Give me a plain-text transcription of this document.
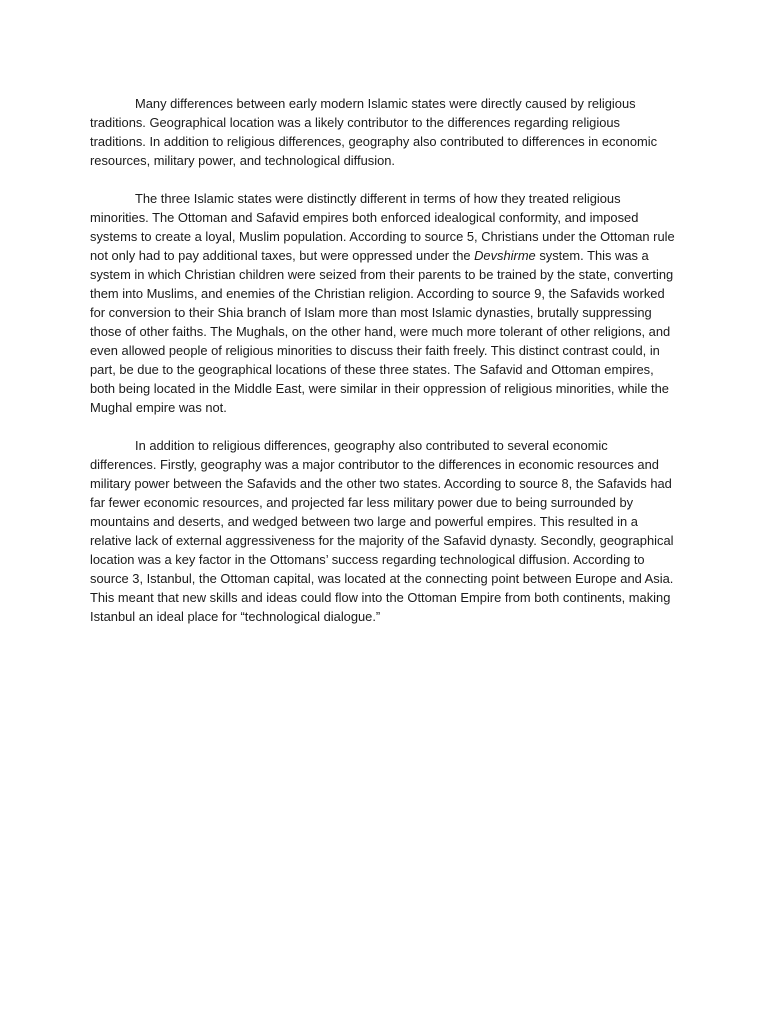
Many differences between early modern Islamic states were directly caused by religious traditions. Geographical location was a likely contributor to the differences regarding religious traditions. In addition to religious differences, geography also contributed to differences in economic resources, military power, and technological diffusion.

The three Islamic states were distinctly different in terms of how they treated religious minorities. The Ottoman and Safavid empires both enforced idealogical conformity, and imposed systems to create a loyal, Muslim population. According to source 5, Christians under the Ottoman rule not only had to pay additional taxes, but were oppressed under the Devshirme system. This was a system in which Christian children were seized from their parents to be trained by the state, converting them into Muslims, and enemies of the Christian religion. According to source 9, the Safavids worked for conversion to their Shia branch of Islam more than most Islamic dynasties, brutally suppressing those of other faiths. The Mughals, on the other hand, were much more tolerant of other religions, and even allowed people of religious minorities to discuss their faith freely. This distinct contrast could, in part, be due to the geographical locations of these three states. The Safavid and Ottoman empires, both being located in the Middle East, were similar in their oppression of religious minorities, while the Mughal empire was not.

In addition to religious differences, geography also contributed to several economic differences. Firstly, geography was a major contributor to the differences in economic resources and military power between the Safavids and the other two states. According to source 8, the Safavids had far fewer economic resources, and projected far less military power due to being surrounded by mountains and deserts, and wedged between two large and powerful empires. This resulted in a relative lack of external aggressiveness for the majority of the Safavid dynasty. Secondly, geographical location was a key factor in the Ottomans’ success regarding technological diffusion. According to source 3, Istanbul, the Ottoman capital, was located at the connecting point between Europe and Asia. This meant that new skills and ideas could flow into the Ottoman Empire from both continents, making Istanbul an ideal place for “technological dialogue.”
